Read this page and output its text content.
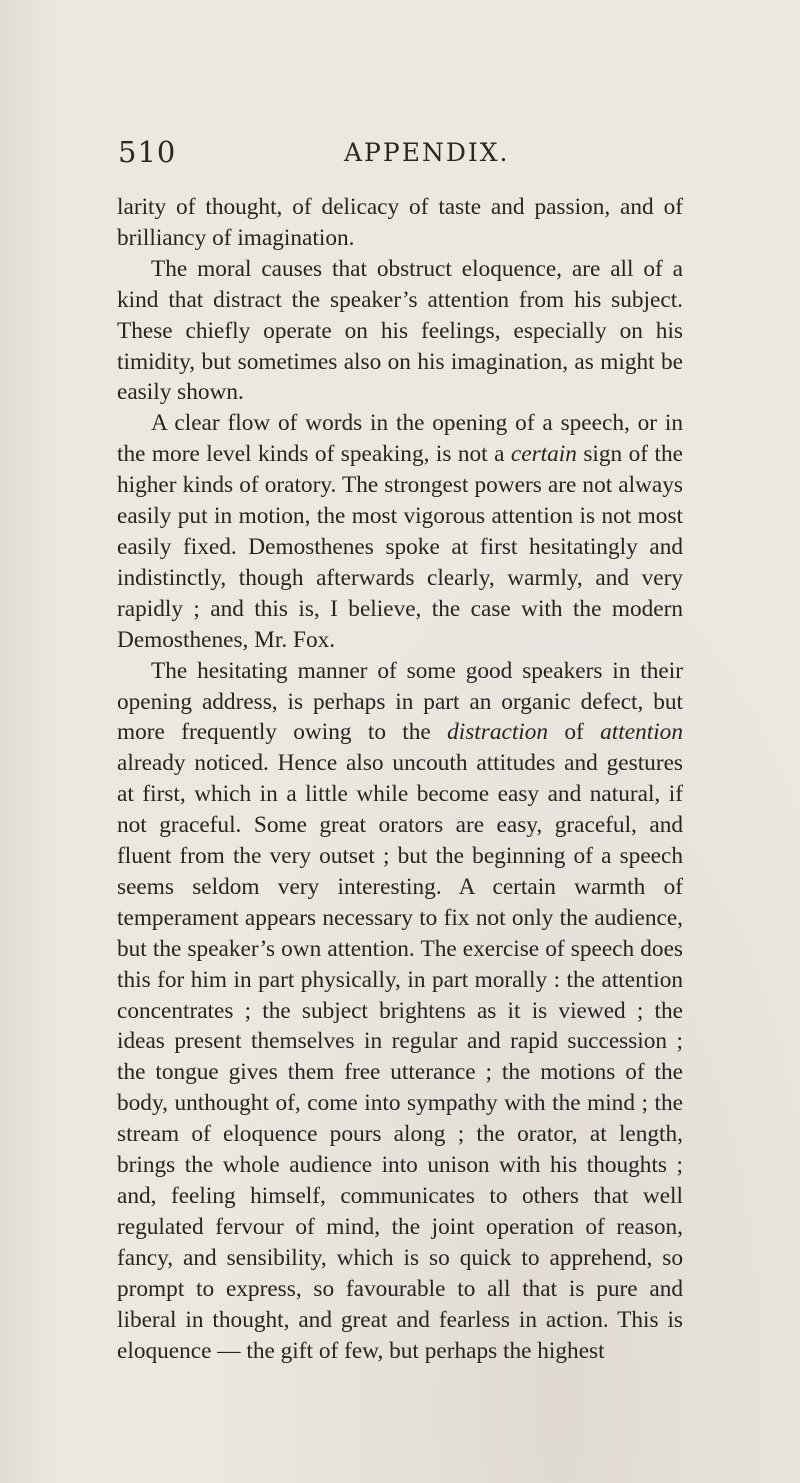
510	APPENDIX.

larity of thought, of delicacy of taste and passion, and of brilliancy of imagination.

The moral causes that obstruct eloquence, are all of a kind that distract the speaker’s attention from his subject. These chiefly operate on his feelings, especially on his timidity, but sometimes also on his imagination, as might be easily shown.

A clear flow of words in the opening of a speech, or in the more level kinds of speaking, is not a certain sign of the higher kinds of oratory. The strongest powers are not always easily put in motion, the most vigorous attention is not most easily fixed. Demosthenes spoke at first hesitatingly and indistinctly, though afterwards clearly, warmly, and very rapidly ; and this is, I believe, the case with the modern Demosthenes, Mr. Fox.

The hesitating manner of some good speakers in their opening address, is perhaps in part an organic defect, but more frequently owing to the distraction of attention already noticed. Hence also uncouth attitudes and gestures at first, which in a little while become easy and natural, if not graceful. Some great orators are easy, graceful, and fluent from the very outset ; but the beginning of a speech seems seldom very interesting. A certain warmth of temperament appears necessary to fix not only the audience, but the speaker’s own attention. The exercise of speech does this for him in part physically, in part morally : the attention concentrates ; the subject brightens as it is viewed ; the ideas present themselves in regular and rapid succession ; the tongue gives them free utterance ; the motions of the body, unthought of, come into sympathy with the mind ; the stream of eloquence pours along ; the orator, at length, brings the whole audience into unison with his thoughts ; and, feeling himself, communicates to others that well regulated fervour of mind, the joint operation of reason, fancy, and sensibility, which is so quick to apprehend, so prompt to express, so favourable to all that is pure and liberal in thought, and great and fearless in action. This is eloquence — the gift of few, but perhaps the highest
